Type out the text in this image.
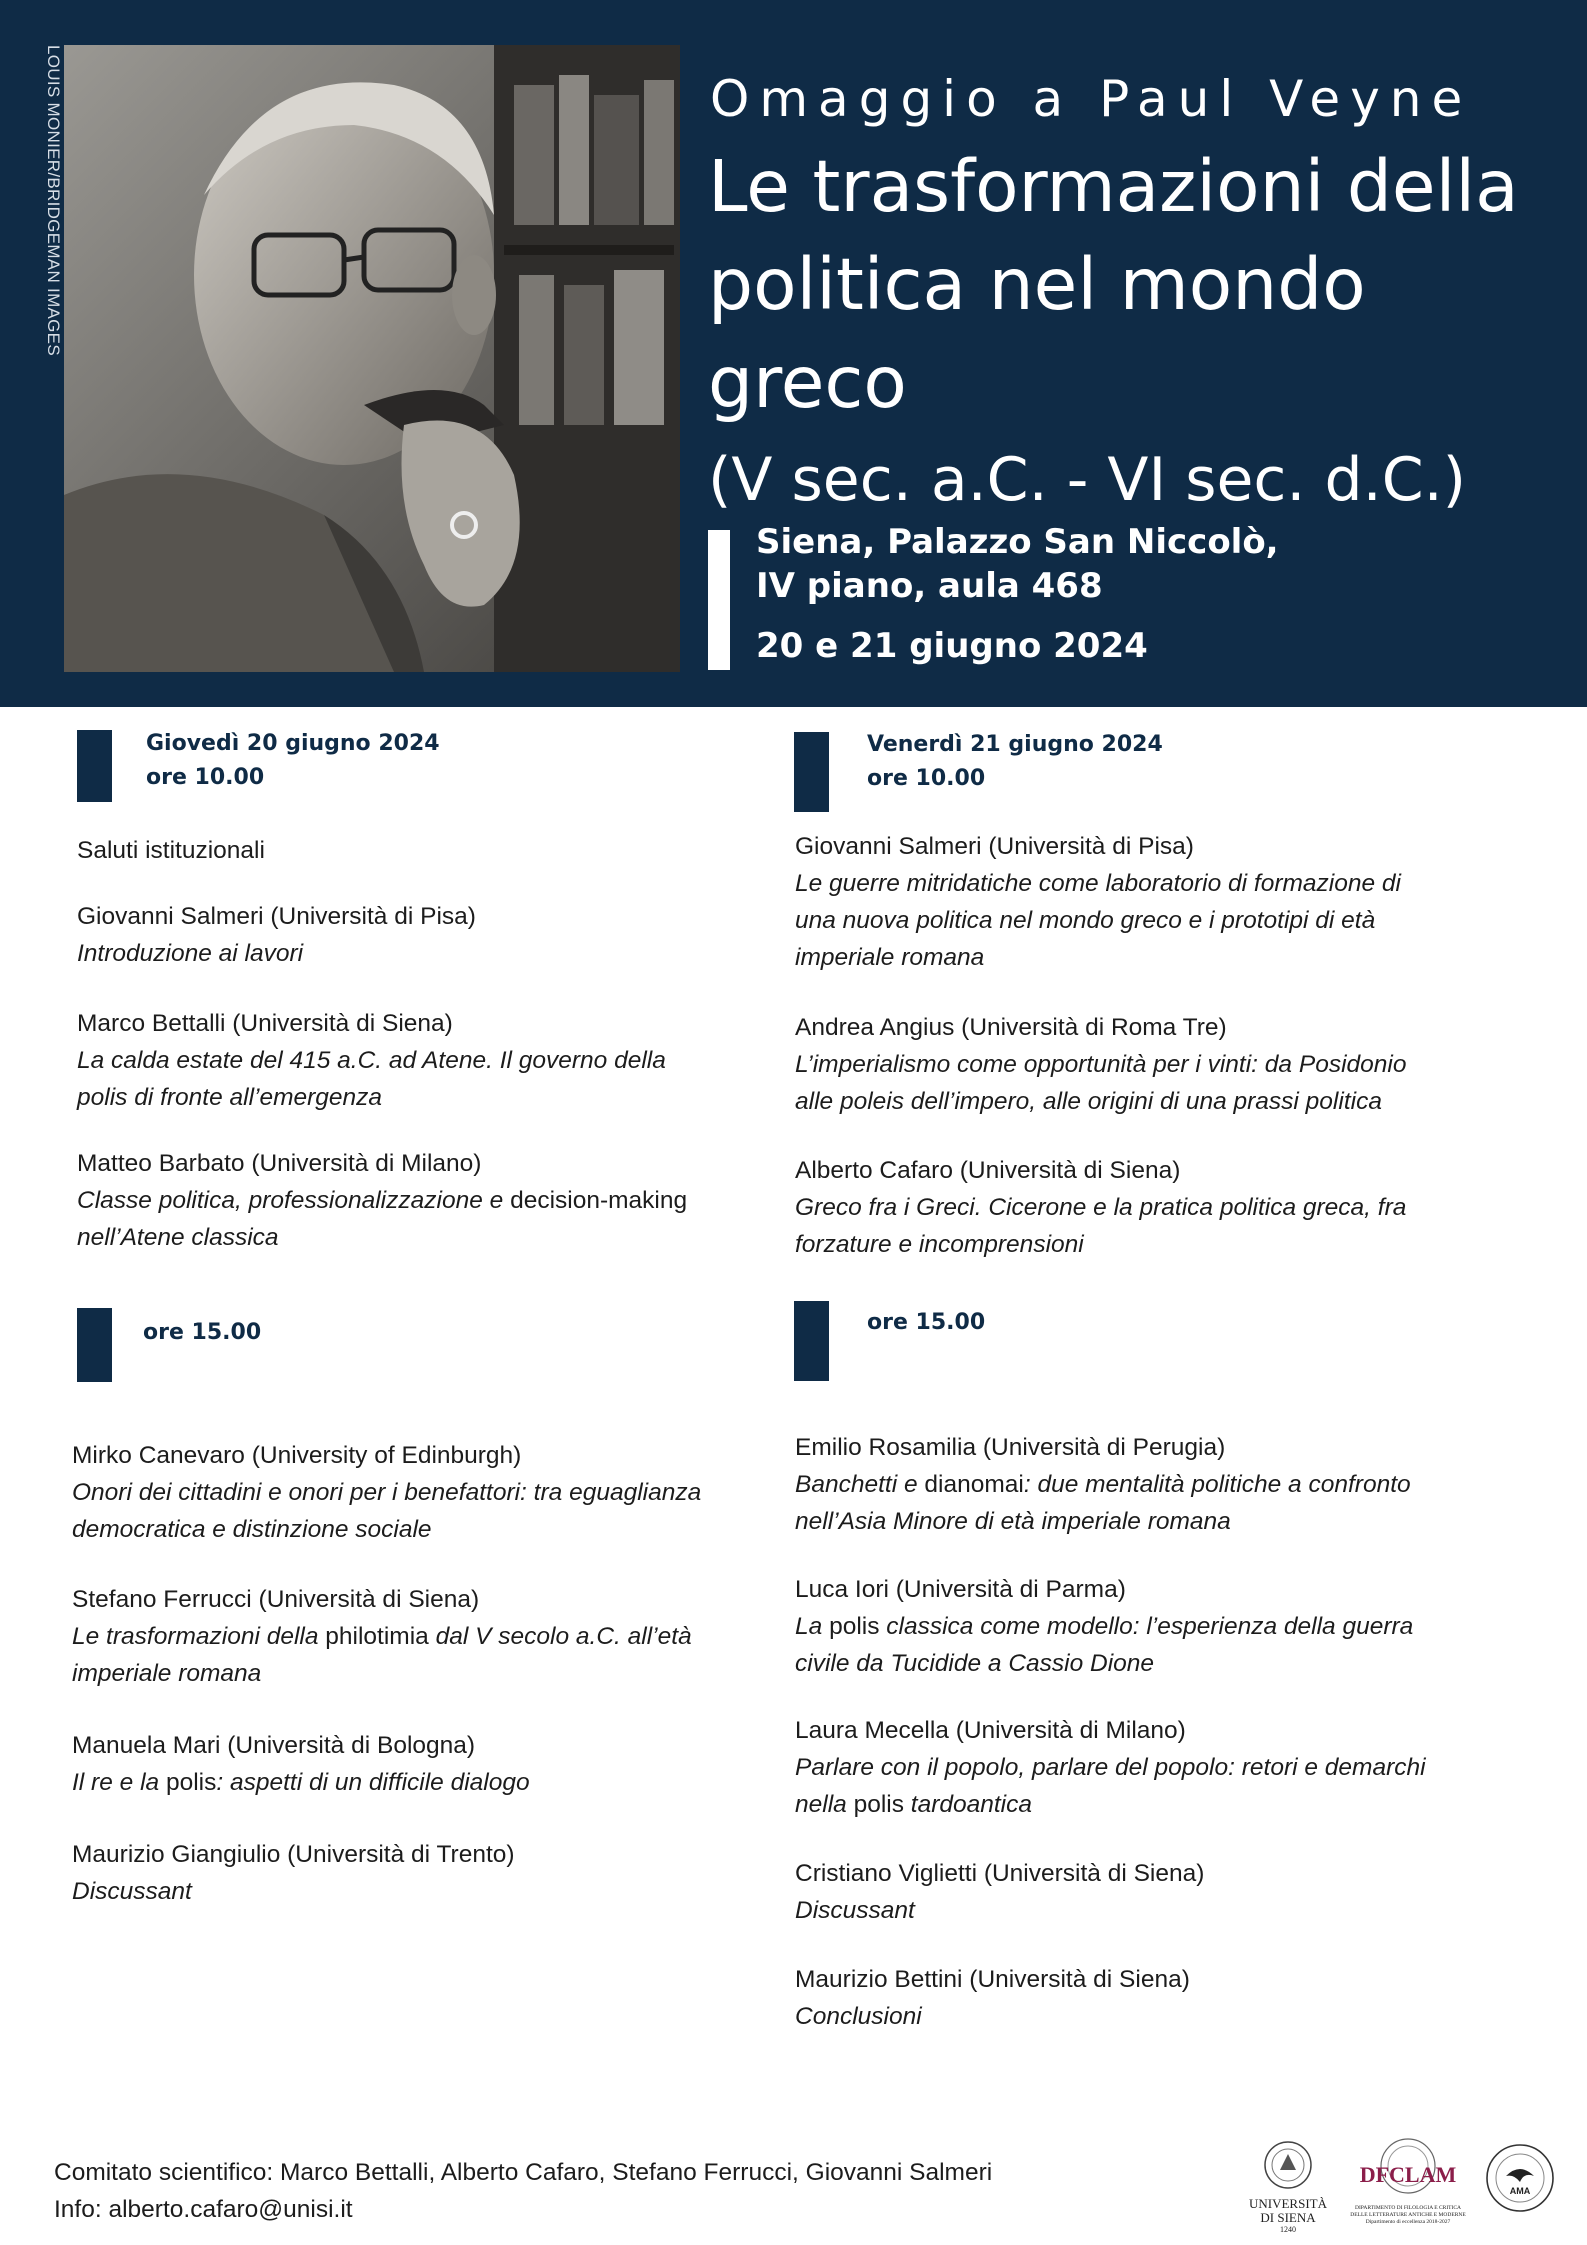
LOUIS MONIER/BRIDGEMAN IMAGES	Omaggio a Paul Veyne
Le trasformazioni della
politica nel mondo greco
(V sec. a.C. - VI sec. d.C.)
Siena, Palazzo San Niccolò,
IV piano, aula 468
20 e 21 giugno 2024
Giovedì 20 giugno 2024
ore 10.00
Saluti istituzionali
Giovanni Salmeri (Università di Pisa)
Introduzione ai lavori
Marco Bettalli (Università di Siena)
La calda estate del 415 a.C. ad Atene. Il governo della
polis di fronte all’emergenza
Matteo Barbato (Università di Milano)
Classe politica, professionalizzazione e decision-making
nell’Atene classica
ore 15.00
Mirko Canevaro (University of Edinburgh)
Onori dei cittadini e onori per i benefattori: tra eguaglianza
democratica e distinzione sociale
Stefano Ferrucci (Università di Siena)
Le trasformazioni della philotimia dal V secolo a.C. all’età
imperiale romana
Manuela Mari (Università di Bologna)
Il re e la polis: aspetti di un difficile dialogo
Maurizio Giangiulio (Università di Trento)
Discussant
Venerdì 21 giugno 2024
ore 10.00
Giovanni Salmeri (Università di Pisa)
Le guerre mitridatiche come laboratorio di formazione di
una nuova politica nel mondo greco e i prototipi di età
imperiale romana
Andrea Angius (Università di Roma Tre)
L’imperialismo come opportunità per i vinti: da Posidonio
alle poleis dell’impero, alle origini di una prassi politica
Alberto Cafaro (Università di Siena)
Greco fra i Greci. Cicerone e la pratica politica greca, fra
forzature e incomprensioni
ore 15.00
Emilio Rosamilia (Università di Perugia)
Banchetti e dianomai: due mentalità politiche a confronto
nell’Asia Minore di età imperiale romana
Luca Iori (Università di Parma)
La polis classica come modello: l’esperienza della guerra
civile da Tucidide a Cassio Dione
Laura Mecella (Università di Milano)
Parlare con il popolo, parlare del popolo: retori e demarchi
nella polis tardoantica
Cristiano Viglietti (Università di Siena)
Discussant
Maurizio Bettini (Università di Siena)
Conclusioni
Comitato scientifico: Marco Bettalli, Alberto Cafaro, Stefano Ferrucci, Giovanni Salmeri
Info: alberto.cafaro@unisi.it	UNIVERSITÀ
DI SIENA
1240
DFCLAM
DIPARTIMENTO DI FILOLOGIA E CRITICA
DELLE LETTERATURE ANTICHE E MODERNE
Dipartimento di eccellenza 2018-2027
AMA
